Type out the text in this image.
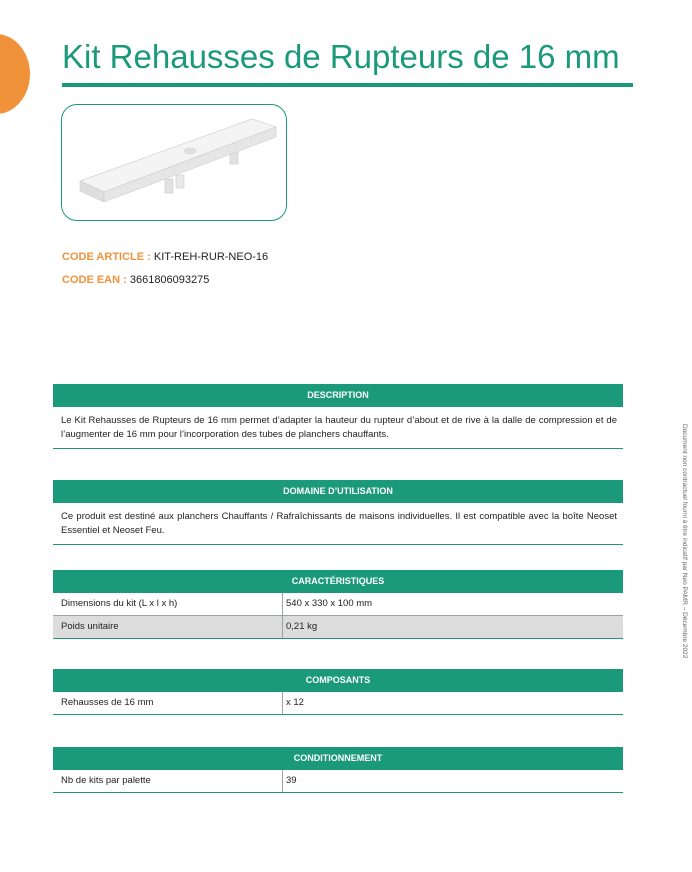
Kit Rehausses de Rupteurs de 16 mm
CODE ARTICLE : KIT-REH-RUR-NEO-16
CODE EAN : 3661806093275
DESCRIPTION
Le Kit Rehausses de Rupteurs de 16 mm permet d’adapter la hauteur du rupteur d’about et de rive à la dalle de compression et de l’augmenter de 16 mm pour l’incorporation des tubes de planchers chauffants.
DOMAINE D’UTILISATION
Ce produit est destiné aux planchers Chauffants / Rafraîchissants de maisons individuelles. Il est compatible avec la boîte Neoset Essentiel et Neoset Feu.
CARACTÉRISTIQUES
Dimensions du kit (L x l x h)	540 x 330 x 100 mm
Poids unitaire	0,21 kg
COMPOSANTS
Rehausses de 16 mm	x 12
CONDITIONNEMENT
Nb de kits par palette	39
Document non contractuel fourni à titre indicatif par Neo PAMR – Décembre 2022
